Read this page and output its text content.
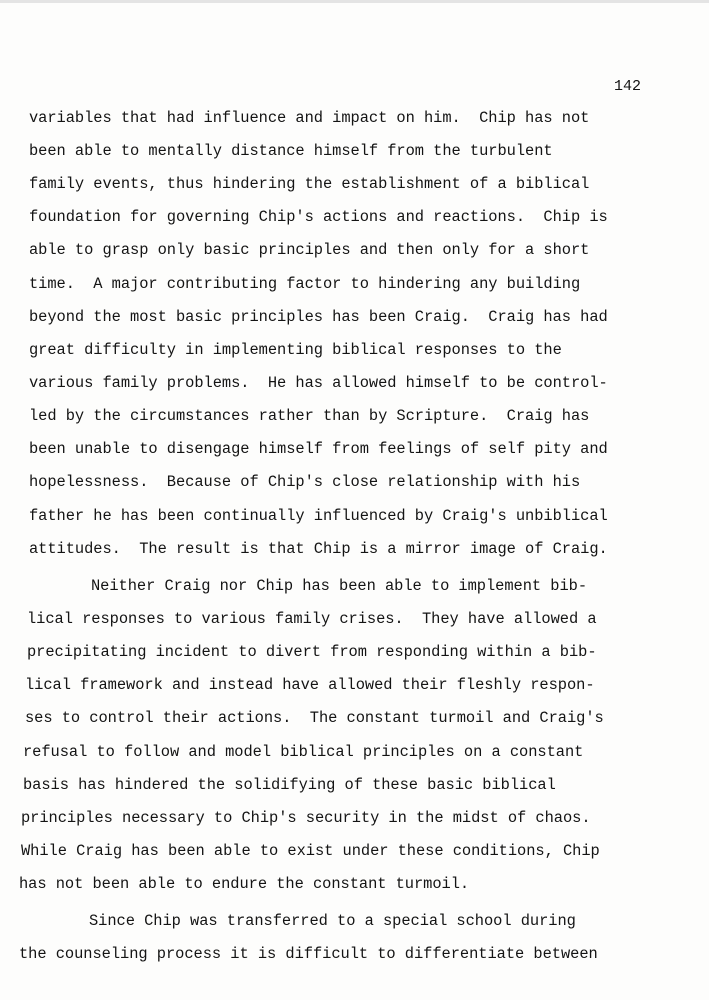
142
variables that had influence and impact on him.  Chip has not
been able to mentally distance himself from the turbulent
family events, thus hindering the establishment of a biblical
foundation for governing Chip's actions and reactions.  Chip is
able to grasp only basic principles and then only for a short
time.  A major contributing factor to hindering any building
beyond the most basic principles has been Craig.  Craig has had
great difficulty in implementing biblical responses to the
various family problems.  He has allowed himself to be control-
led by the circumstances rather than by Scripture.  Craig has
been unable to disengage himself from feelings of self pity and
hopelessness.  Because of Chip's close relationship with his
father he has been continually influenced by Craig's unbiblical
attitudes.  The result is that Chip is a mirror image of Craig.
Neither Craig nor Chip has been able to implement bib-
lical responses to various family crises.  They have allowed a
precipitating incident to divert from responding within a bib-
lical framework and instead have allowed their fleshly respon-
ses to control their actions.  The constant turmoil and Craig's
refusal to follow and model biblical principles on a constant
basis has hindered the solidifying of these basic biblical
principles necessary to Chip's security in the midst of chaos.
While Craig has been able to exist under these conditions, Chip
has not been able to endure the constant turmoil.
Since Chip was transferred to a special school during
the counseling process it is difficult to differentiate between
